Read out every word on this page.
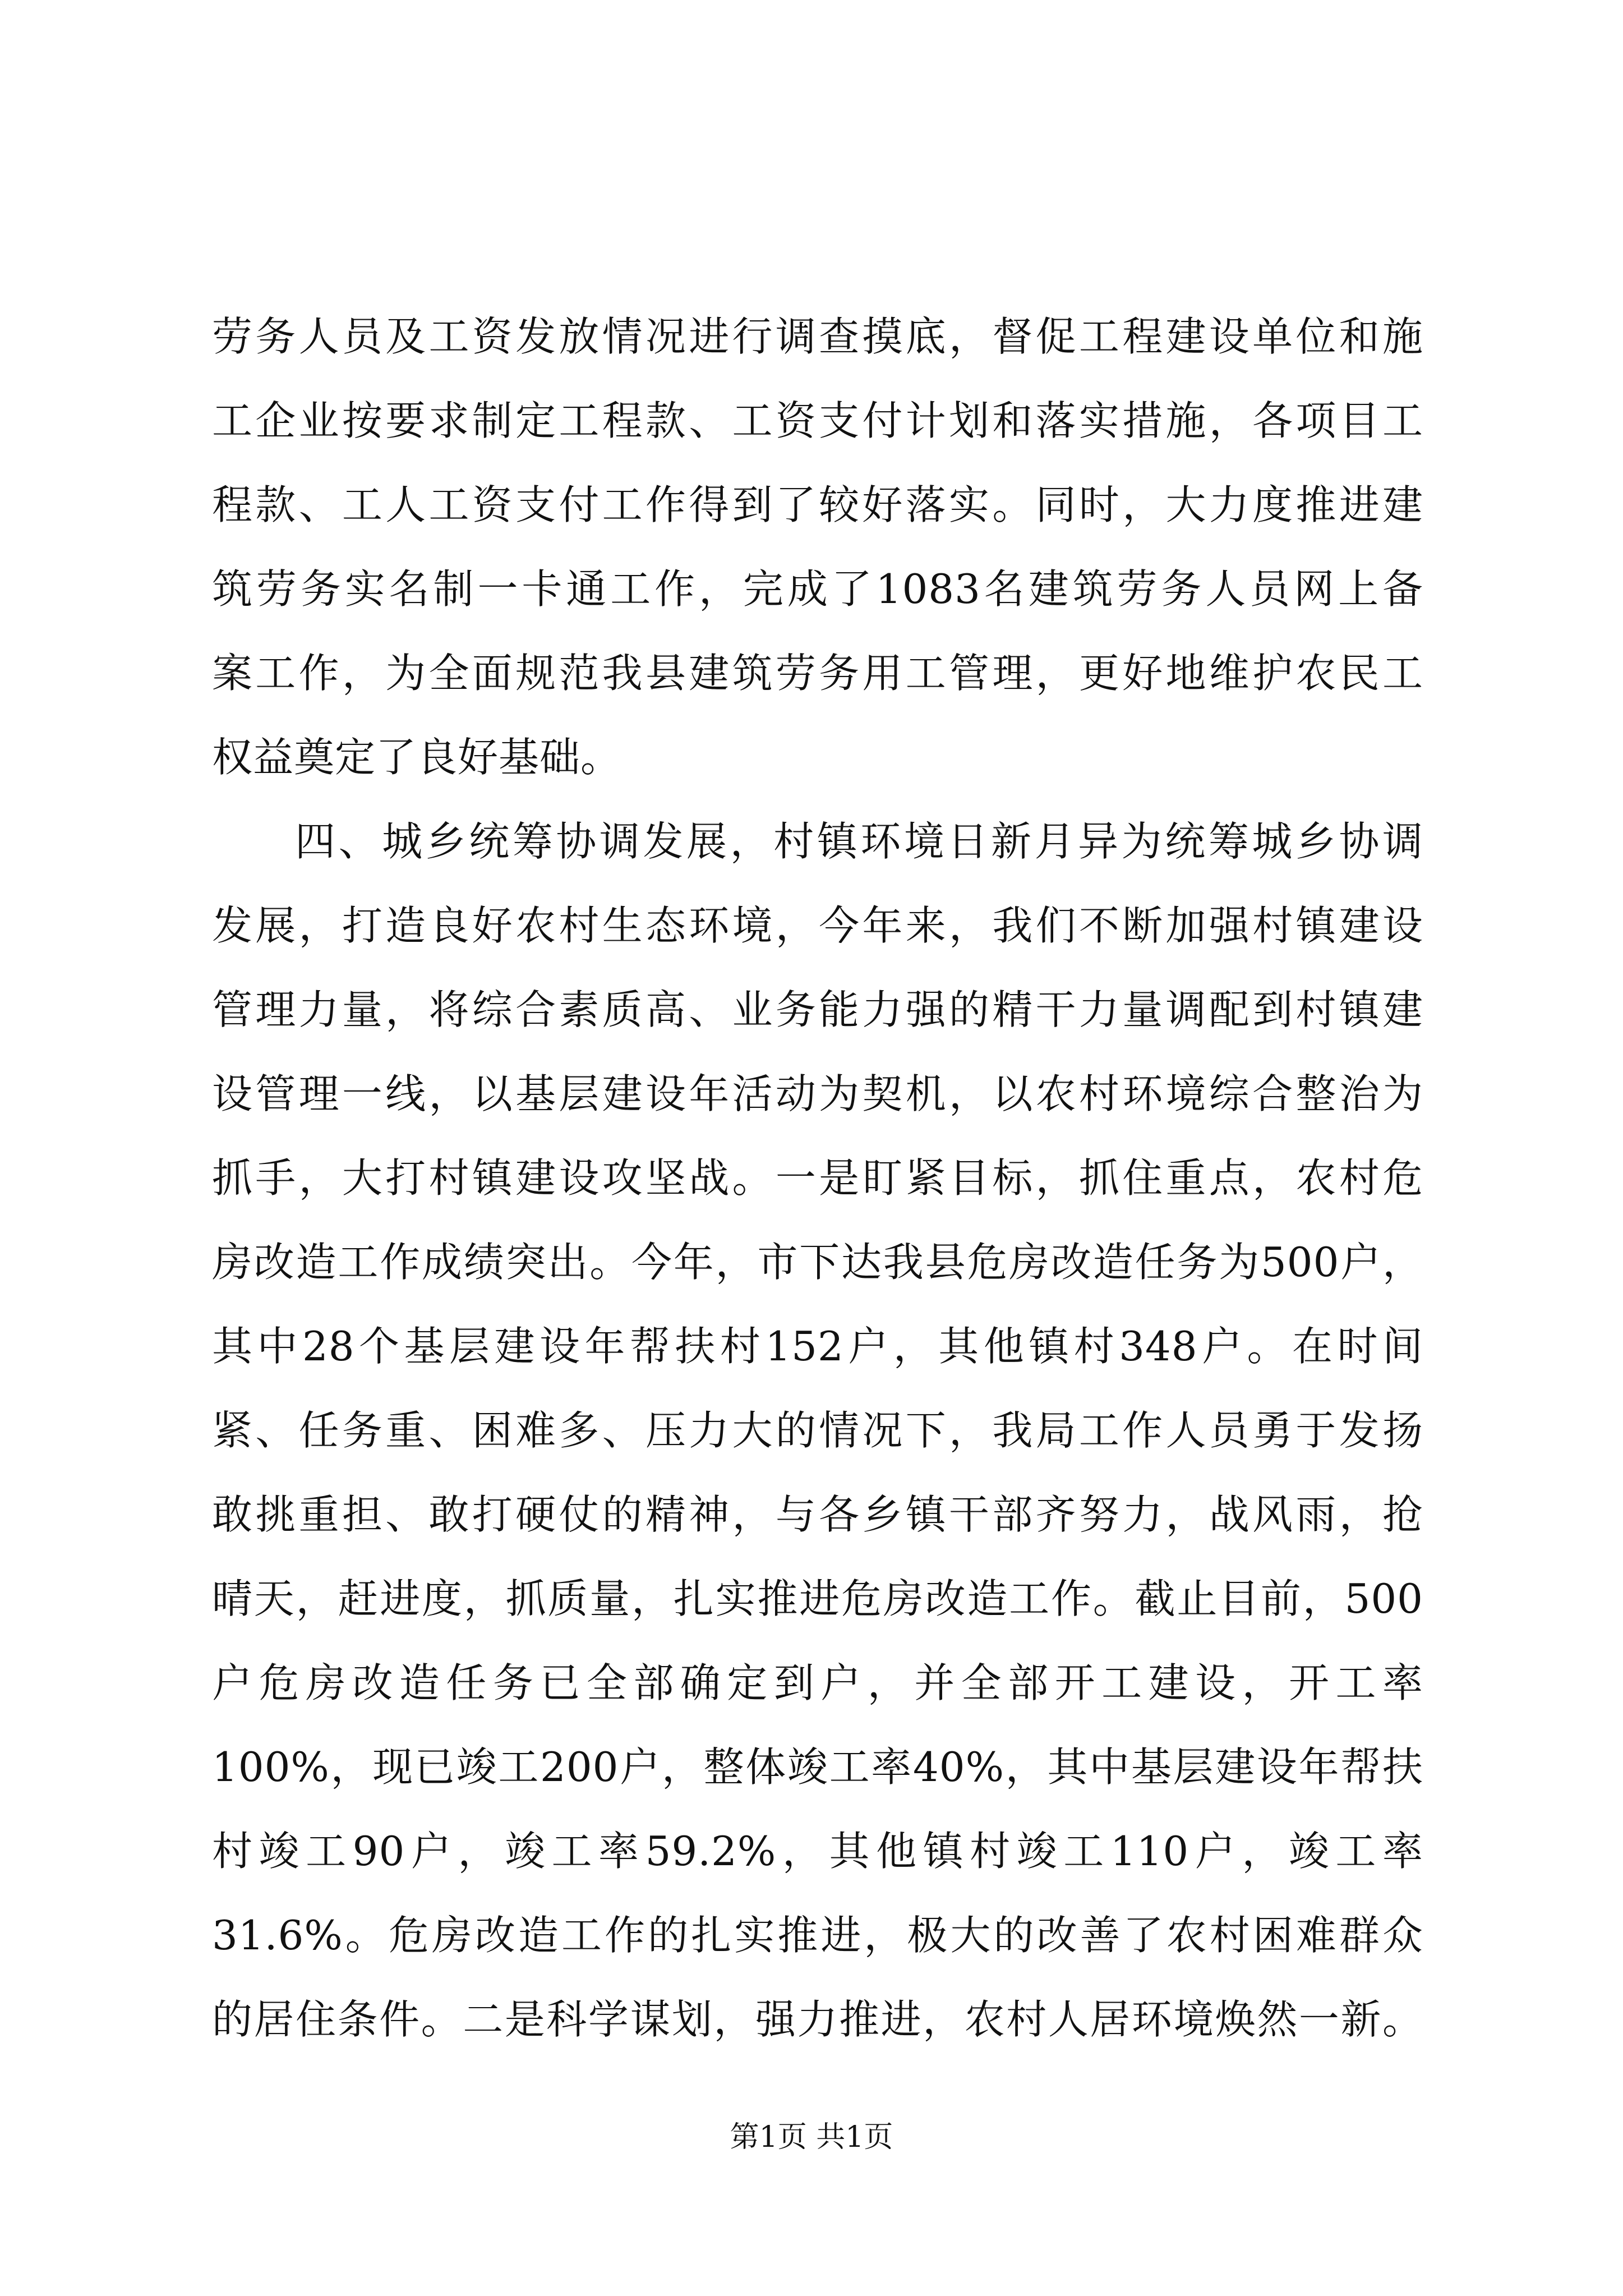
劳务人员及工资发放情况进行调查摸底，督促工程建设单位和施
工企业按要求制定工程款、工资支付计划和落实措施，各项目工
程款、工人工资支付工作得到了较好落实。同时，大力度推进建
筑劳务实名制一卡通工作，完成了1083名建筑劳务人员网上备
案工作，为全面规范我县建筑劳务用工管理，更好地维护农民工
权益奠定了良好基础。
四、城乡统筹协调发展，村镇环境日新月异为统筹城乡协调
发展，打造良好农村生态环境，今年来，我们不断加强村镇建设
管理力量，将综合素质高、业务能力强的精干力量调配到村镇建
设管理一线，以基层建设年活动为契机，以农村环境综合整治为
抓手，大打村镇建设攻坚战。一是盯紧目标，抓住重点，农村危
房改造工作成绩突出。今年，市下达我县危房改造任务为500户，
其中28个基层建设年帮扶村152户，其他镇村348户。在时间
紧、任务重、困难多、压力大的情况下，我局工作人员勇于发扬
敢挑重担、敢打硬仗的精神，与各乡镇干部齐努力，战风雨，抢
晴天，赶进度，抓质量，扎实推进危房改造工作。截止目前，500
户危房改造任务已全部确定到户，并全部开工建设，开工率
100%，现已竣工200户，整体竣工率40%，其中基层建设年帮扶
村竣工90户，竣工率59.2%，其他镇村竣工110户，竣工率
31.6%。危房改造工作的扎实推进，极大的改善了农村困难群众
的居住条件。二是科学谋划，强力推进，农村人居环境焕然一新。
第1页 共1页
